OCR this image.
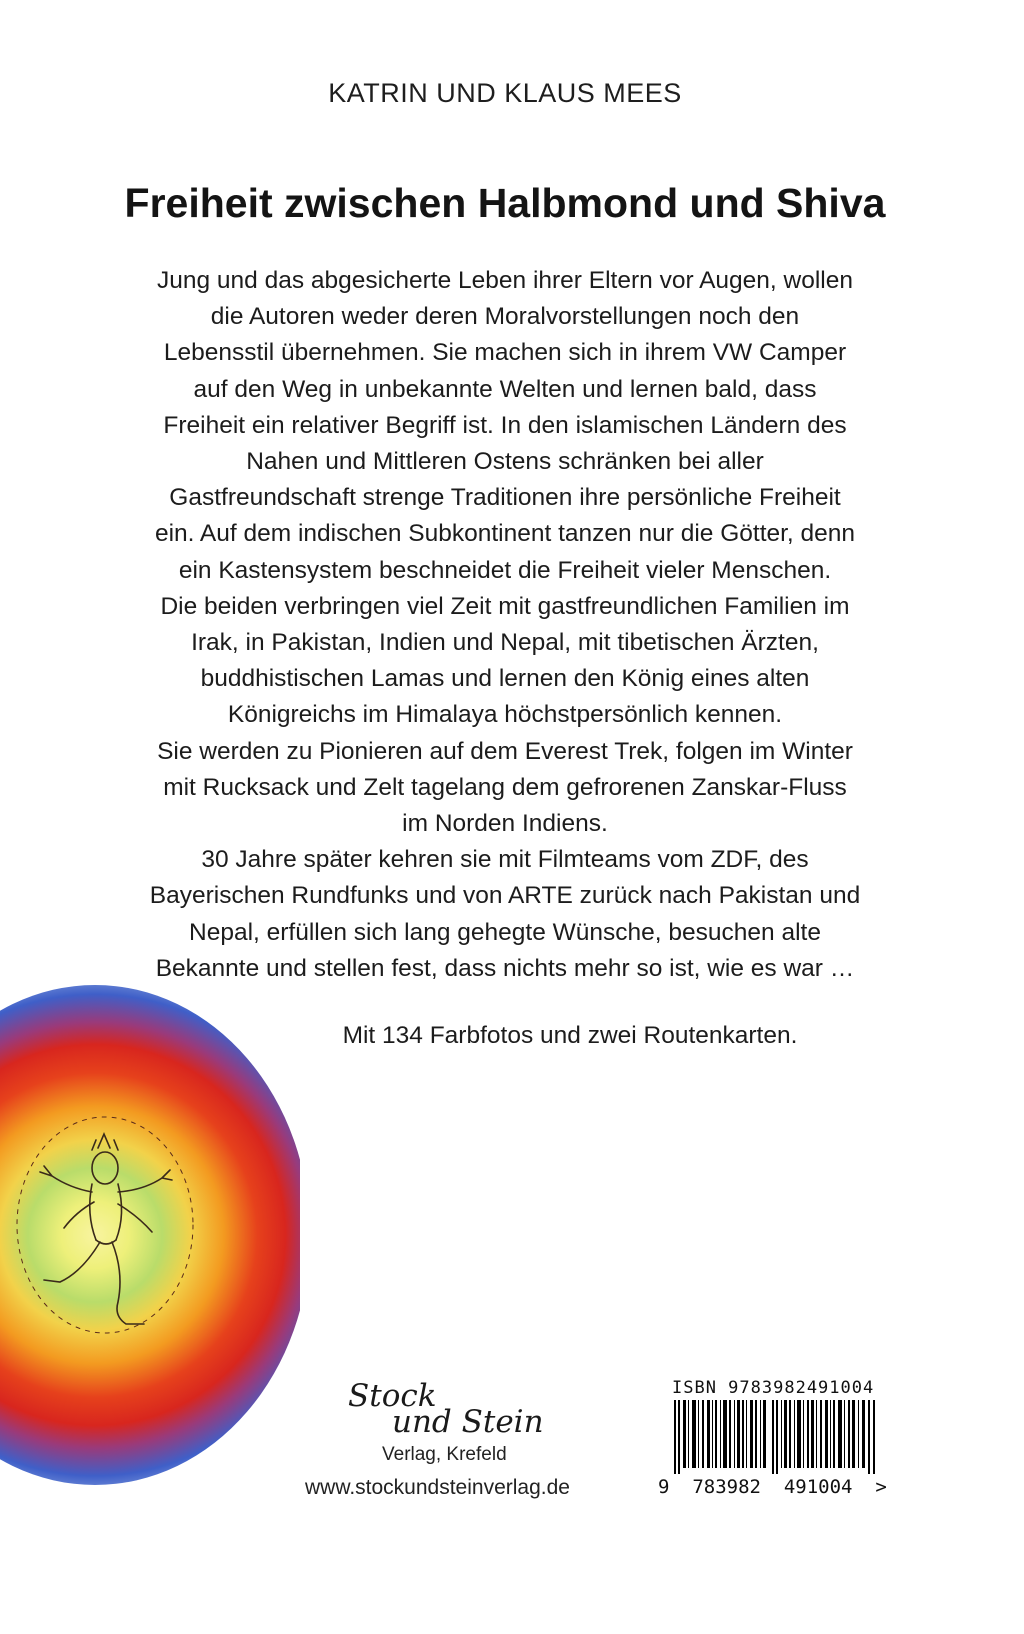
KATRIN UND KLAUS MEES
Freiheit zwischen Halbmond und Shiva
Jung und das abgesicherte Leben ihrer Eltern vor Augen, wollen
die Autoren weder deren Moralvorstellungen noch den
Lebensstil übernehmen. Sie machen sich in ihrem VW Camper
auf den Weg in unbekannte Welten und lernen bald, dass
Freiheit ein relativer Begriff ist. In den islamischen Ländern des
Nahen und Mittleren Ostens schränken bei aller
Gastfreundschaft strenge Traditionen ihre persönliche Freiheit
ein. Auf dem indischen Subkontinent tanzen nur die Götter, denn
ein Kastensystem beschneidet die Freiheit vieler Menschen.
Die beiden verbringen viel Zeit mit gastfreundlichen Familien im
Irak, in Pakistan, Indien und Nepal, mit tibetischen Ärzten,
buddhistischen Lamas und lernen den König eines alten
Königreichs im Himalaya höchstpersönlich kennen.
Sie werden zu Pionieren auf dem Everest Trek, folgen im Winter
mit Rucksack und Zelt tagelang dem gefrorenen Zanskar-Fluss
im Norden Indiens.
30 Jahre später kehren sie mit Filmteams vom ZDF, des
Bayerischen Rundfunks und von ARTE zurück nach Pakistan und
Nepal, erfüllen sich lang gehegte Wünsche, besuchen alte
Bekannte und stellen fest, dass nichts mehr so ist, wie es war …
Mit 134 Farbfotos und zwei Routenkarten.
Stock
und Stein
Verlag, Krefeld
www.stockundsteinverlag.de
ISBN 9783982491004
9  783982  491004  >
